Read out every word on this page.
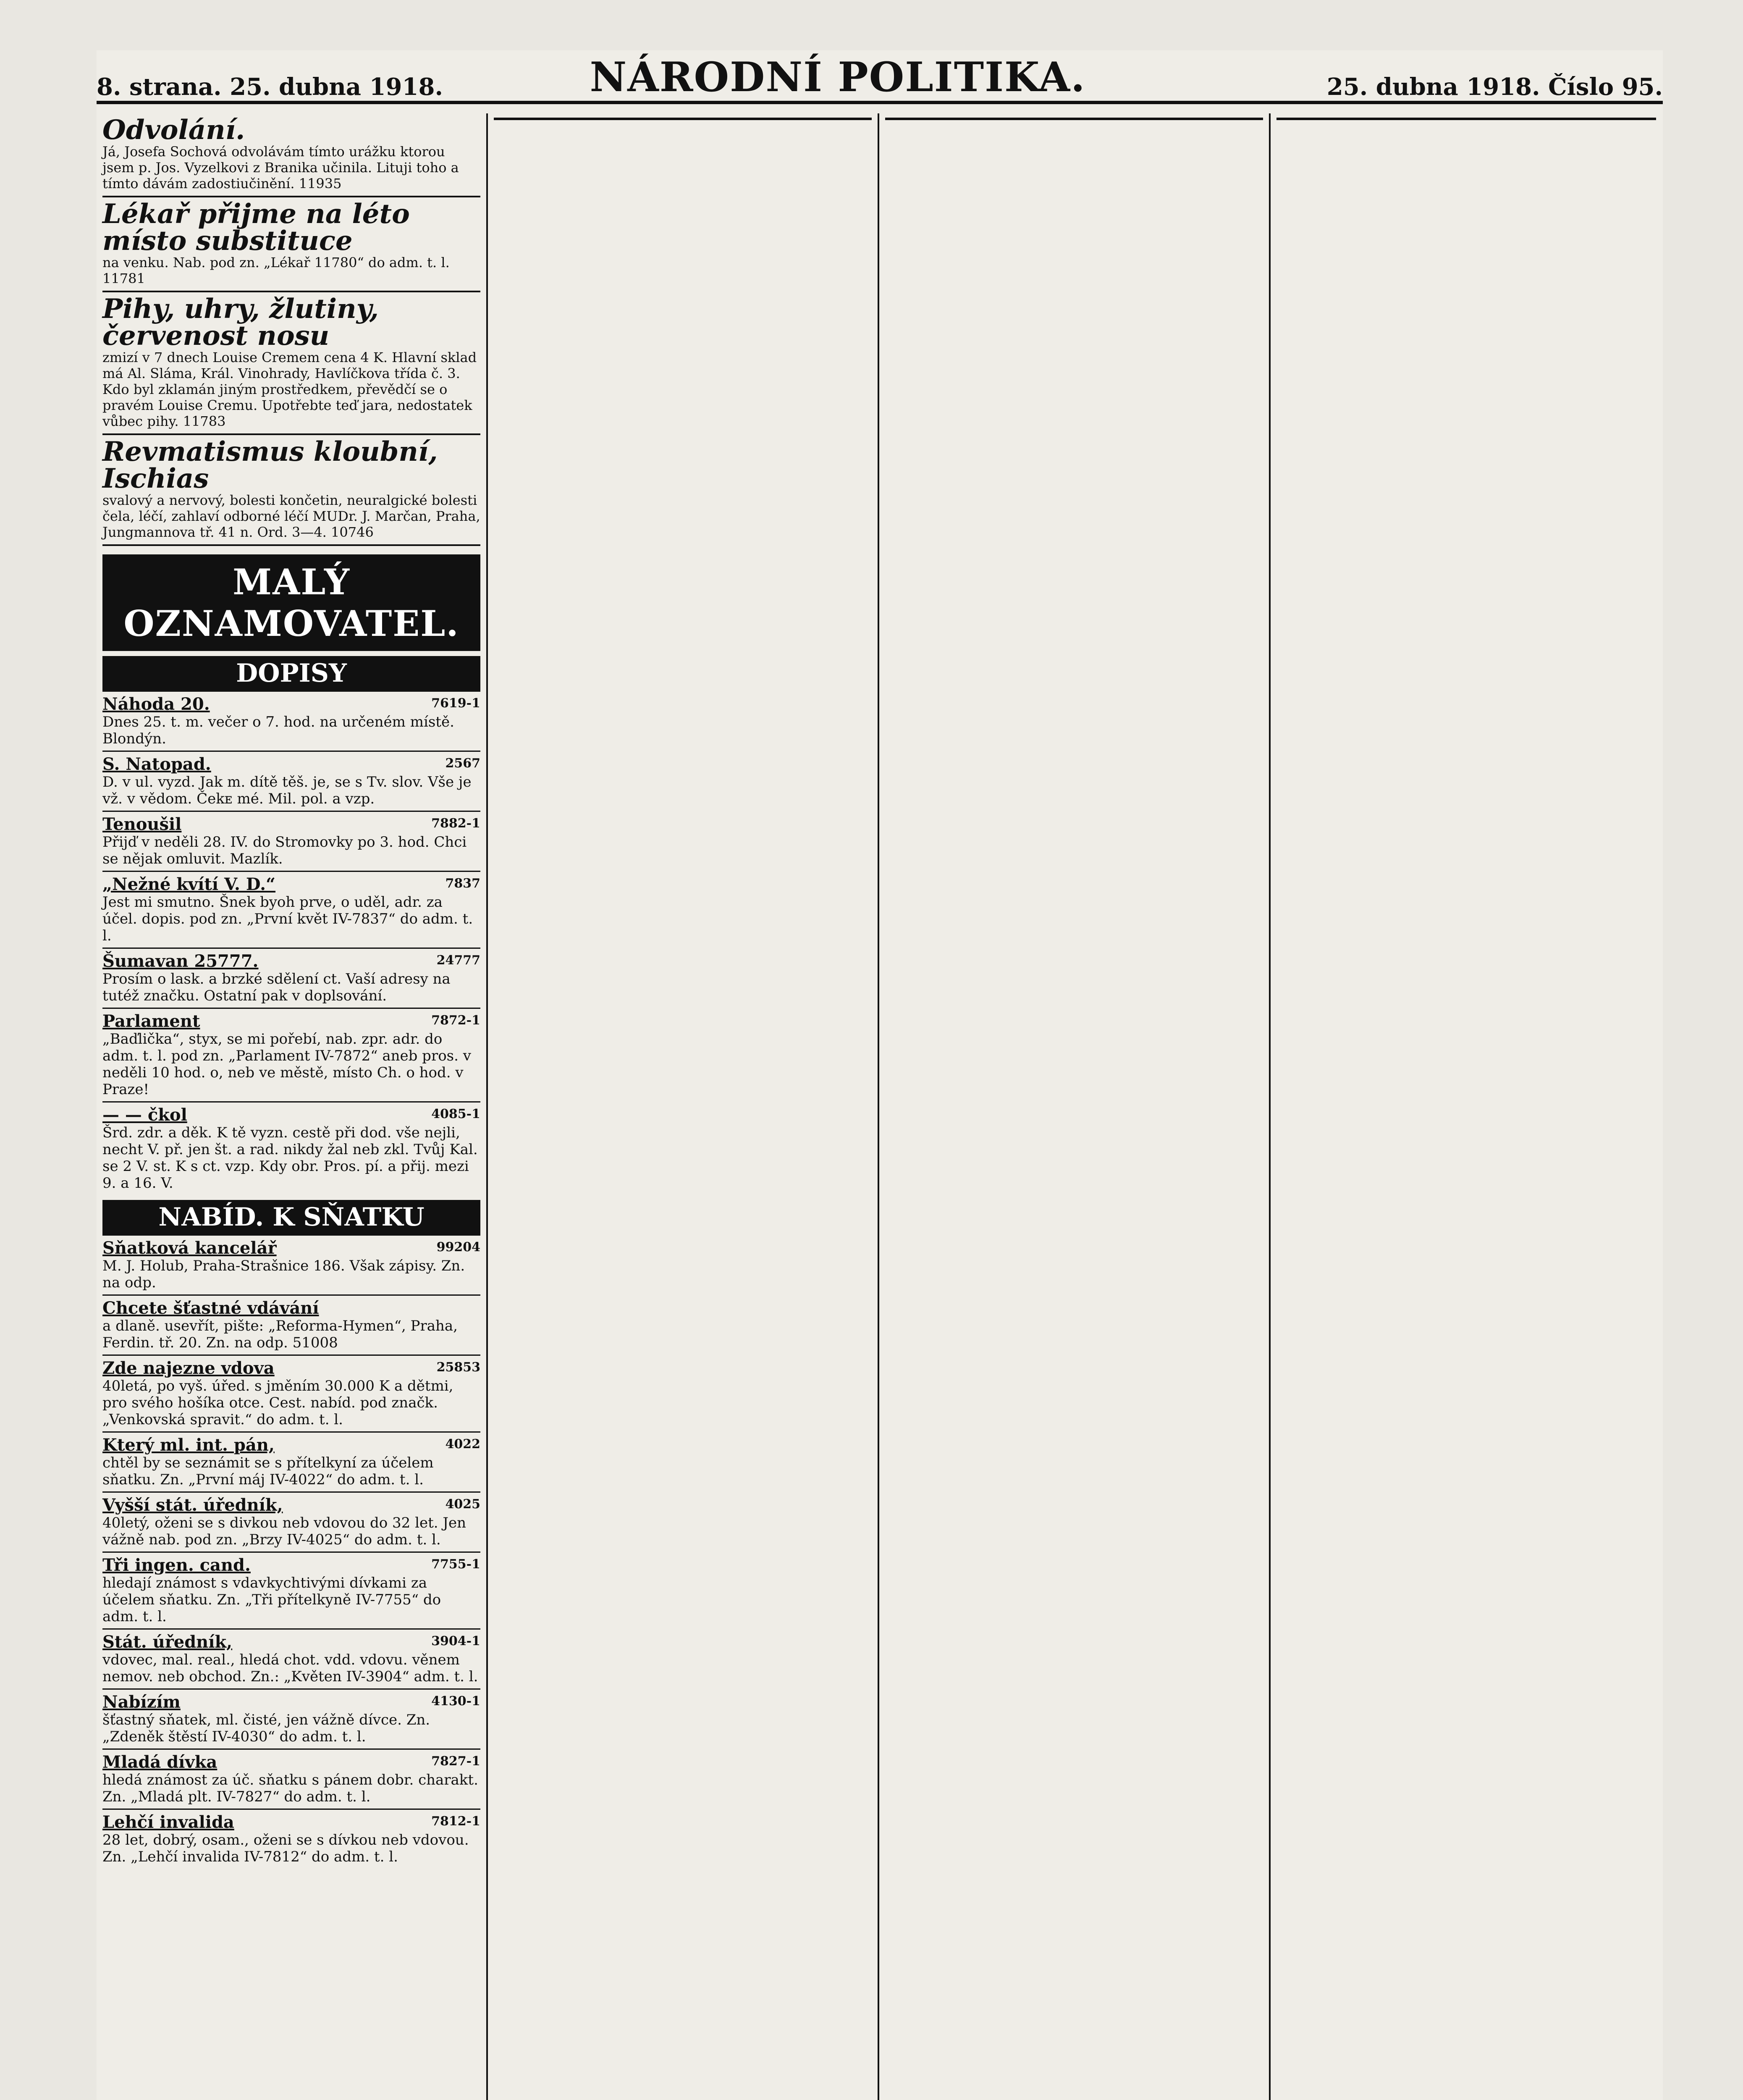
8. strana. 25. dubna 1918.	NÁRODNÍ POLITIKA.	25. dubna 1918. Číslo 95.
Odvolání.
Já, Josefa Sochová odvolávám tímto urážku ktorou jsem p. Jos. Vyzelkovi z Branika učinila. Lituji toho a tímto dávám zadostiučinění. 11935
Lékař přijme na léto místo substituce
na venku. Nab. pod zn. „Lékař 11780“ do adm. t. l. 11781
Pihy, uhry, žlutiny, červenost nosu
zmizí v 7 dnech Louise Cremem cena 4 K. Hlavní sklad má Al. Sláma, Král. Vinohrady, Havlíčkova třída č. 3. Kdo byl zklamán jiným prostředkem, převědčí se o pravém Louise Cremu. Upotřebte teď jara, nedostatek vůbec pihy. 11783
Revmatismus kloubní, Ischias
svalový a nervový, bolesti končetin, neuralgické bolesti čela, léčí, zahlaví odborné léčí MUDr. J. Marčan, Praha, Jungmannova tř. 41 n. Ord. 3—4. 10746
MALÝ OZNAMOVATEL.
DOPISY
Náhoda 20.	7619-1
Dnes 25. t. m. večer o 7. hod. na určeném místě. Blondýn.
S. Natopad.	2567
D. v ul. vyzd. Jak m. dítě těš. je, se s Tv. slov. Vše je vž. v vědom. Čekᴇ mé. Mil. pol. a vzp.
Tenoušil	7882-1
Přijď v neděli 28. IV. do Stromovky po 3. hod. Chci se nějak omluvit. Mazlík.
„Nežné kvítí V. D.“	7837
Jest mi smutno. Šnek byoh prve, o uděl, adr. za účel. dopis. pod zn. „První květ IV-7837“ do adm. t. l.
Šumavan 25777.	24777
Prosím o lask. a brzké sdělení ct. Vaší adresy na tutéž značku. Ostatní pak v doplsování.
Parlament	7872-1
„Baďlička“, styx, se mi pořebí, nab. zpr. adr. do adm. t. l. pod zn. „Parlament IV-7872“ aneb pros. v neděli 10 hod. o, neb ve městě, místo Ch. o hod. v Praze!
— — čkol	4085-1
Šrd. zdr. a děk. K tě vyzn. cestě při dod. vše nejli, necht V. př. jen št. a rad. nikdy žal neb zkl. Tvůj Kal. se 2 V. st. K s ct. vzp. Kdy obr. Pros. pí. a přij. mezi 9. a 16. V.
NABÍD. K SŇATKU
Sňatková kancelář	99204
M. J. Holub, Praha-Strašnice 186. Však zápisy. Zn. na odp.
Chcete šťastné vdávání
a dlaně. usevřít, pište: „Reforma-Hymen“, Praha, Ferdin. tř. 20. Zn. na odp. 51008
Zde najezne vdova	25853
40letá, po vyš. úřed. s jměním 30.000 K a dětmi, pro svého hošíka otce. Cest. nabíd. pod značk. „Venkovská spravit.“ do adm. t. l.
Který ml. int. pán,	4022
chtěl by se seznámit se s přítelkyní za účelem sňatku. Zn. „První máj IV-4022“ do adm. t. l.
Vyšší stát. úředník,	4025
40letý, oženi se s divkou neb vdovou do 32 let. Jen vážně nab. pod zn. „Brzy IV-4025“ do adm. t. l.
Tři ingen. cand.	7755-1
hledají známost s vdavkychtivými dívkami za účelem sňatku. Zn. „Tři přítelkyně IV-7755“ do adm. t. l.
Stát. úředník,	3904-1
vdovec, mal. real., hledá chot. vdd. vdovu. věnem nemov. neb obchod. Zn.: „Květen IV-3904“ adm. t. l.
Nabízím	4130-1
šťastný sňatek, ml. čisté, jen vážně dívce. Zn. „Zdeněk štěstí IV-4030“ do adm. t. l.
Mladá dívka	7827-1
hledá známost za úč. sňatku s pánem dobr. charakt. Zn. „Mladá plt. IV-7827“ do adm. t. l.
Lehčí invalida	7812-1
28 let, dobrý, osam., oženi se s dívkou neb vdovou. Zn. „Lehčí invalida IV-7812“ do adm. t. l.
